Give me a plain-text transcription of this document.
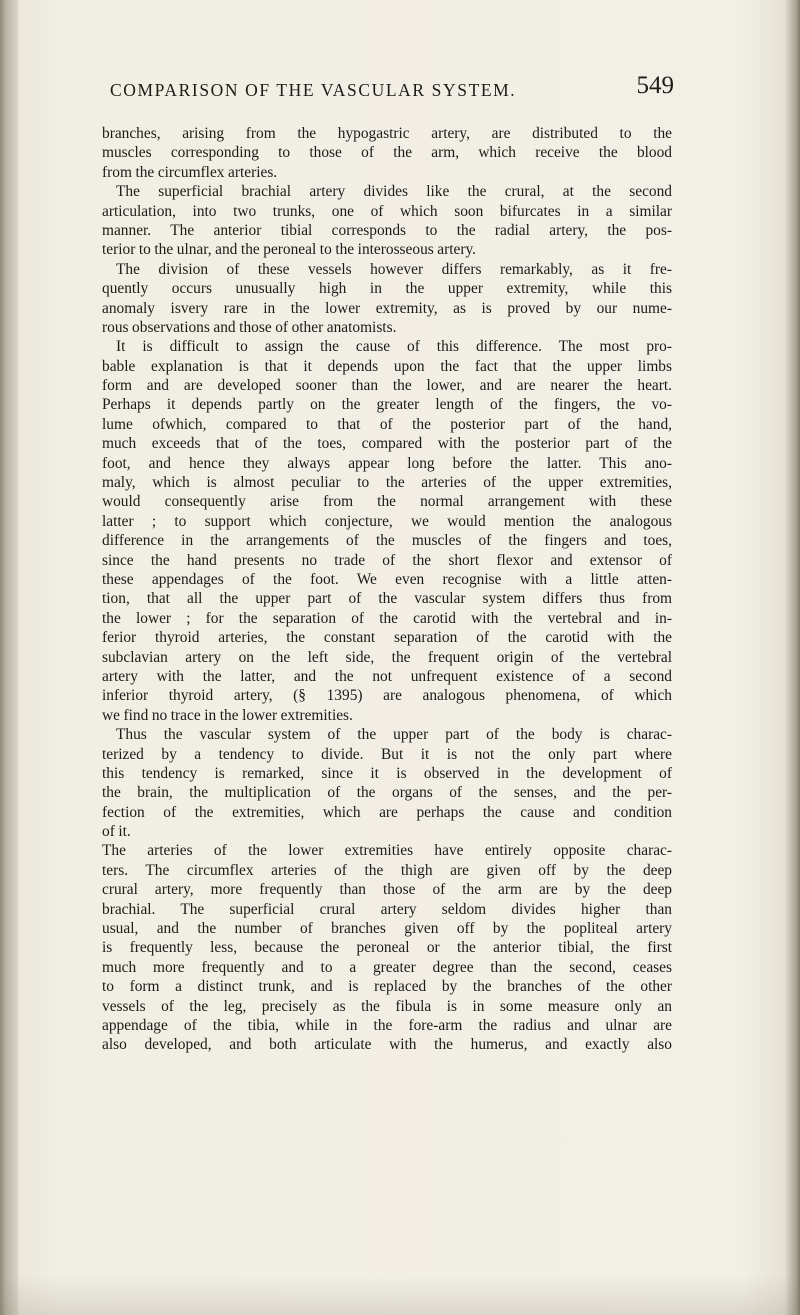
COMPARISON OF THE VASCULAR SYSTEM.	549
branches, arising from the hypogastric artery, are distributed to the
muscles corresponding to those of the arm, which receive the blood
from the circumflex arteries.
The superficial brachial artery divides like the crural, at the second
articulation, into two trunks, one of which soon bifurcates in a similar
manner. The anterior tibial corresponds to the radial artery, the pos-
terior to the ulnar, and the peroneal to the interosseous artery.
The division of these vessels however differs remarkably, as it fre-
quently occurs unusually high in the upper extremity, while this
anomaly isvery rare in the lower extremity, as is proved by our nume-
rous observations and those of other anatomists.
It is difficult to assign the cause of this difference. The most pro-
bable explanation is that it depends upon the fact that the upper limbs
form and are developed sooner than the lower, and are nearer the heart.
Perhaps it depends partly on the greater length of the fingers, the vo-
lume ofwhich, compared to that of the posterior part of the hand,
much exceeds that of the toes, compared with the posterior part of the
foot, and hence they always appear long before the latter. This ano-
maly, which is almost peculiar to the arteries of the upper extremities,
would consequently arise from the normal arrangement with these
latter ; to support which conjecture, we would mention the analogous
difference in the arrangements of the muscles of the fingers and toes,
since the hand presents no trade of the short flexor and extensor of
these appendages of the foot. We even recognise with a little atten-
tion, that all the upper part of the vascular system differs thus from
the lower ; for the separation of the carotid with the vertebral and in-
ferior thyroid arteries, the constant separation of the carotid with the
subclavian artery on the left side, the frequent origin of the vertebral
artery with the latter, and the not unfrequent existence of a second
inferior thyroid artery, (§ 1395) are analogous phenomena, of which
we find no trace in the lower extremities.
Thus the vascular system of the upper part of the body is charac-
terized by a tendency to divide. But it is not the only part where
this tendency is remarked, since it is observed in the development of
the brain, the multiplication of the organs of the senses, and the per-
fection of the extremities, which are perhaps the cause and condition
of it.
The arteries of the lower extremities have entirely opposite charac-
ters. The circumflex arteries of the thigh are given off by the deep
crural artery, more frequently than those of the arm are by the deep
brachial. The superficial crural artery seldom divides higher than
usual, and the number of branches given off by the popliteal artery
is frequently less, because the peroneal or the anterior tibial, the first
much more frequently and to a greater degree than the second, ceases
to form a distinct trunk, and is replaced by the branches of the other
vessels of the leg, precisely as the fibula is in some measure only an
appendage of the tibia, while in the fore-arm the radius and ulnar are
also developed, and both articulate with the humerus, and exactly also
